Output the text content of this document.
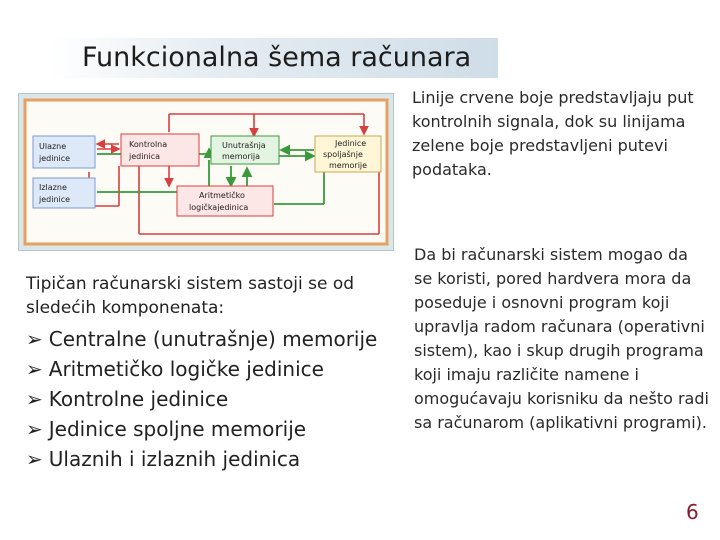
Funkcionalna šema računara
Ulazne
jedinice
Izlazne
jedinice
Kontrolna
jedinica
Unutrašnja
memorija
Jedinice
spoljašnje
memorije
Aritmetičko
logičkajedinica
Linije crvene boje predstavljaju put kontrolnih signala, dok su linijama zelene boje predstavljeni putevi podataka.
Tipičan računarski sistem sastoji se od sledećih komponenata:
➢ Centralne (unutrašnje) memorije
➢ Aritmetičko logičke jedinice
➢ Kontrolne jedinice
➢ Jedinice spoljne memorije
➢ Ulaznih i izlaznih jedinica
Da bi računarski sistem mogao da se koristi, pored hardvera mora da poseduje i osnovni program koji upravlja radom računara (operativni sistem), kao i skup drugih programa koji imaju različite namene i omogućavaju korisniku da nešto radi sa računarom (aplikativni programi).
6
